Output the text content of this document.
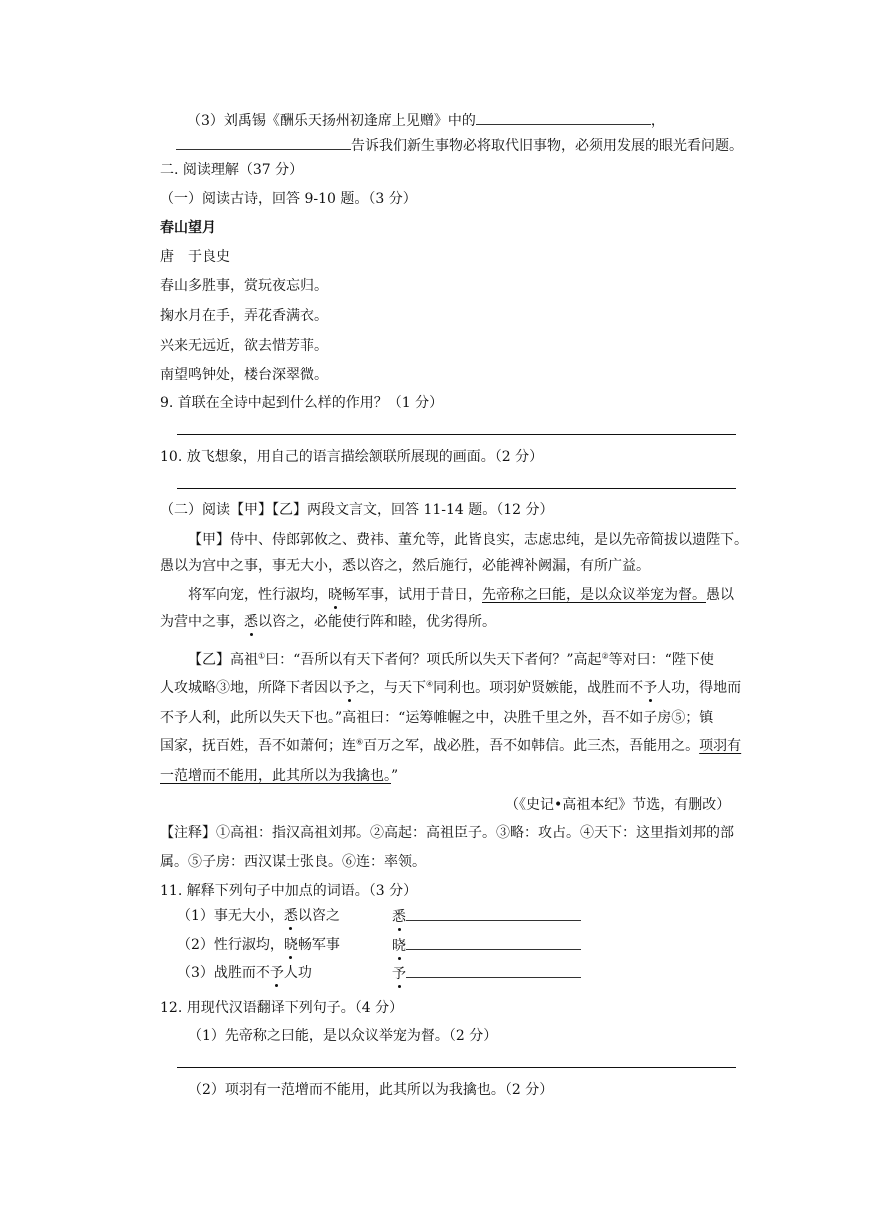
（3）刘禹锡《酬乐天扬州初逢席上见赠》中的	，
告诉我们新生事物必将取代旧事物，必须用发展的眼光看问题。
二. 阅读理解（37 分）
（一）阅读古诗，回答 9-10 题。（3 分）
春山望月
唐　于良史
春山多胜事，赏玩夜忘归。
掬水月在手，弄花香满衣。
兴来无远近，欲去惜芳菲。
南望鸣钟处，楼台深翠微。
9. 首联在全诗中起到什么样的作用？（1 分）
10. 放飞想象，用自己的语言描绘颔联所展现的画面。（2 分）
（二）阅读【甲】【乙】两段文言文，回答 11-14 题。（12 分）
【甲】侍中、侍郎郭攸之、费祎、董允等，此皆良实，志虑忠纯，是以先帝简拔以遗陛下。
愚以为宫中之事，事无大小，悉以咨之，然后施行，必能裨补阙漏，有所广益。
将军向宠，性行淑均，晓畅军事，试用于昔日，先帝称之曰能，是以众议举宠为督。愚以
为营中之事，悉以咨之，必能使行阵和睦，优劣得所。
【乙】高祖①曰：“吾所以有天下者何？项氏所以失天下者何？”高起②等对曰：“陛下使
人攻城略③地，所降下者因以予之，与天下④同利也。项羽妒贤嫉能，战胜而不予人功，得地而
不予人利，此所以失天下也。”高祖曰：“运筹帷幄之中，决胜千里之外，吾不如子房⑤；镇
国家，抚百姓，吾不如萧何；连⑥百万之军，战必胜，吾不如韩信。此三杰，吾能用之。项羽有
一范增而不能用，此其所以为我擒也。”
（《史记•高祖本纪》节选，有删改）
【注释】①高祖：指汉高祖刘邦。②高起：高祖臣子。③略：攻占。④天下：这里指刘邦的部
属。⑤子房：西汉谋士张良。⑥连：率领。
11. 解释下列句子中加点的词语。（3 分）
（1）事无大小，悉以咨之	悉
（2）性行淑均，晓畅军事	晓
（3）战胜而不予人功	予
12. 用现代汉语翻译下列句子。（4 分）
（1）先帝称之曰能，是以众议举宠为督。（2 分）
（2）项羽有一范增而不能用，此其所以为我擒也。（2 分）
